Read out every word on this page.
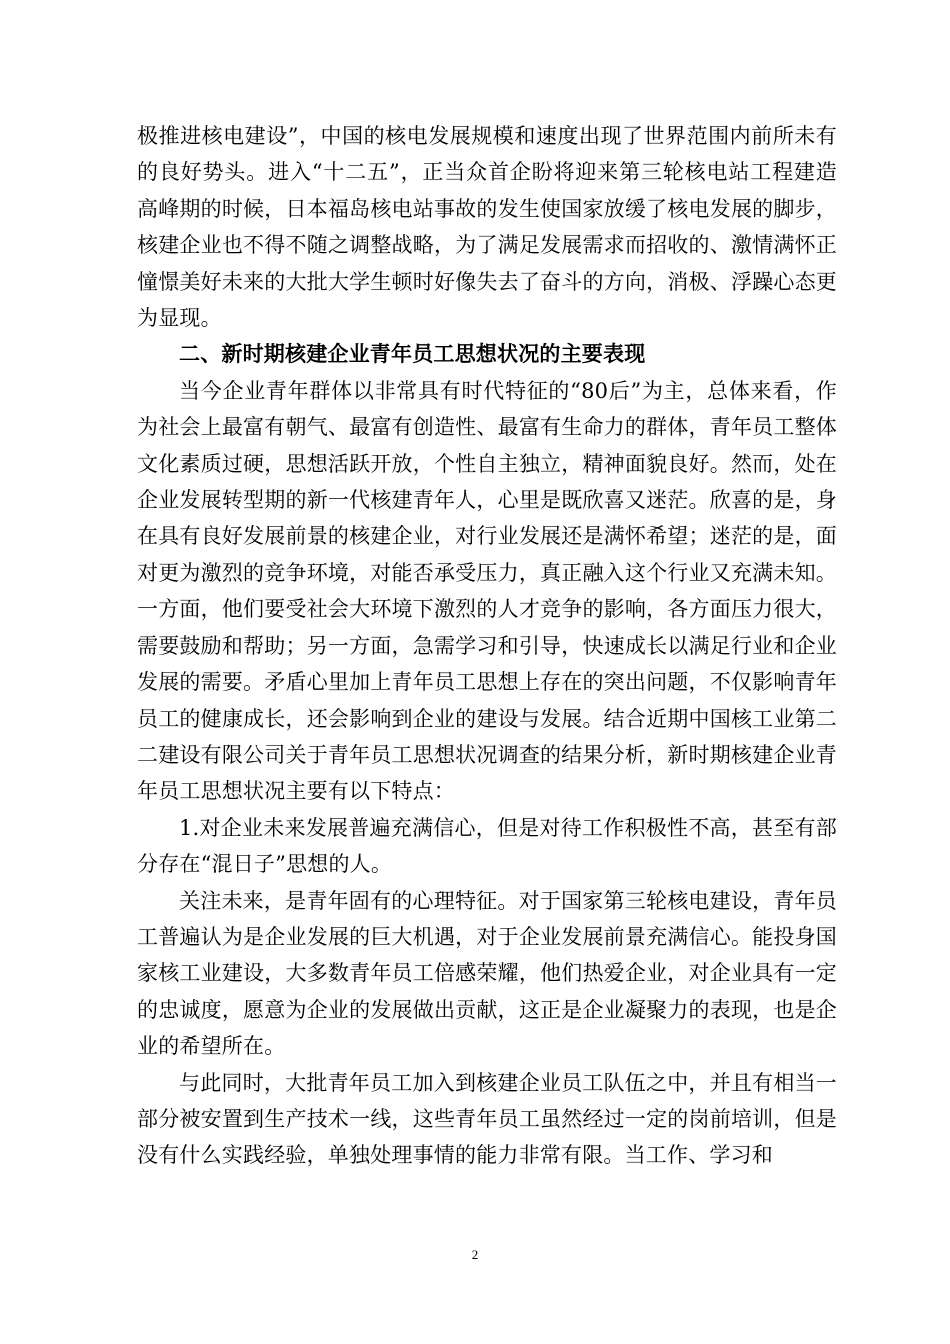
极推进核电建设”，中国的核电发展规模和速度出现了世界范围内前所未有的良好势头。进入“十二五”，正当众首企盼将迎来第三轮核电站工程建造高峰期的时候，日本福岛核电站事故的发生使国家放缓了核电发展的脚步，核建企业也不得不随之调整战略，为了满足发展需求而招收的、激情满怀正憧憬美好未来的大批大学生顿时好像失去了奋斗的方向，消极、浮躁心态更为显现。

二、新时期核建企业青年员工思想状况的主要表现

当今企业青年群体以非常具有时代特征的“80后”为主，总体来看，作为社会上最富有朝气、最富有创造性、最富有生命力的群体，青年员工整体文化素质过硬，思想活跃开放，个性自主独立，精神面貌良好。然而，处在企业发展转型期的新一代核建青年人，心里是既欣喜又迷茫。欣喜的是，身在具有良好发展前景的核建企业，对行业发展还是满怀希望；迷茫的是，面对更为激烈的竞争环境，对能否承受压力，真正融入这个行业又充满未知。一方面，他们要受社会大环境下激烈的人才竞争的影响，各方面压力很大，需要鼓励和帮助；另一方面，急需学习和引导，快速成长以满足行业和企业发展的需要。矛盾心里加上青年员工思想上存在的突出问题，不仅影响青年员工的健康成长，还会影响到企业的建设与发展。结合近期中国核工业第二二建设有限公司关于青年员工思想状况调查的结果分析，新时期核建企业青年员工思想状况主要有以下特点：

1.对企业未来发展普遍充满信心，但是对待工作积极性不高，甚至有部分存在“混日子”思想的人。

关注未来，是青年固有的心理特征。对于国家第三轮核电建设，青年员工普遍认为是企业发展的巨大机遇，对于企业发展前景充满信心。能投身国家核工业建设，大多数青年员工倍感荣耀，他们热爱企业，对企业具有一定的忠诚度，愿意为企业的发展做出贡献，这正是企业凝聚力的表现，也是企业的希望所在。

与此同时，大批青年员工加入到核建企业员工队伍之中，并且有相当一部分被安置到生产技术一线，这些青年员工虽然经过一定的岗前培训，但是没有什么实践经验，单独处理事情的能力非常有限。当工作、学习和

2
